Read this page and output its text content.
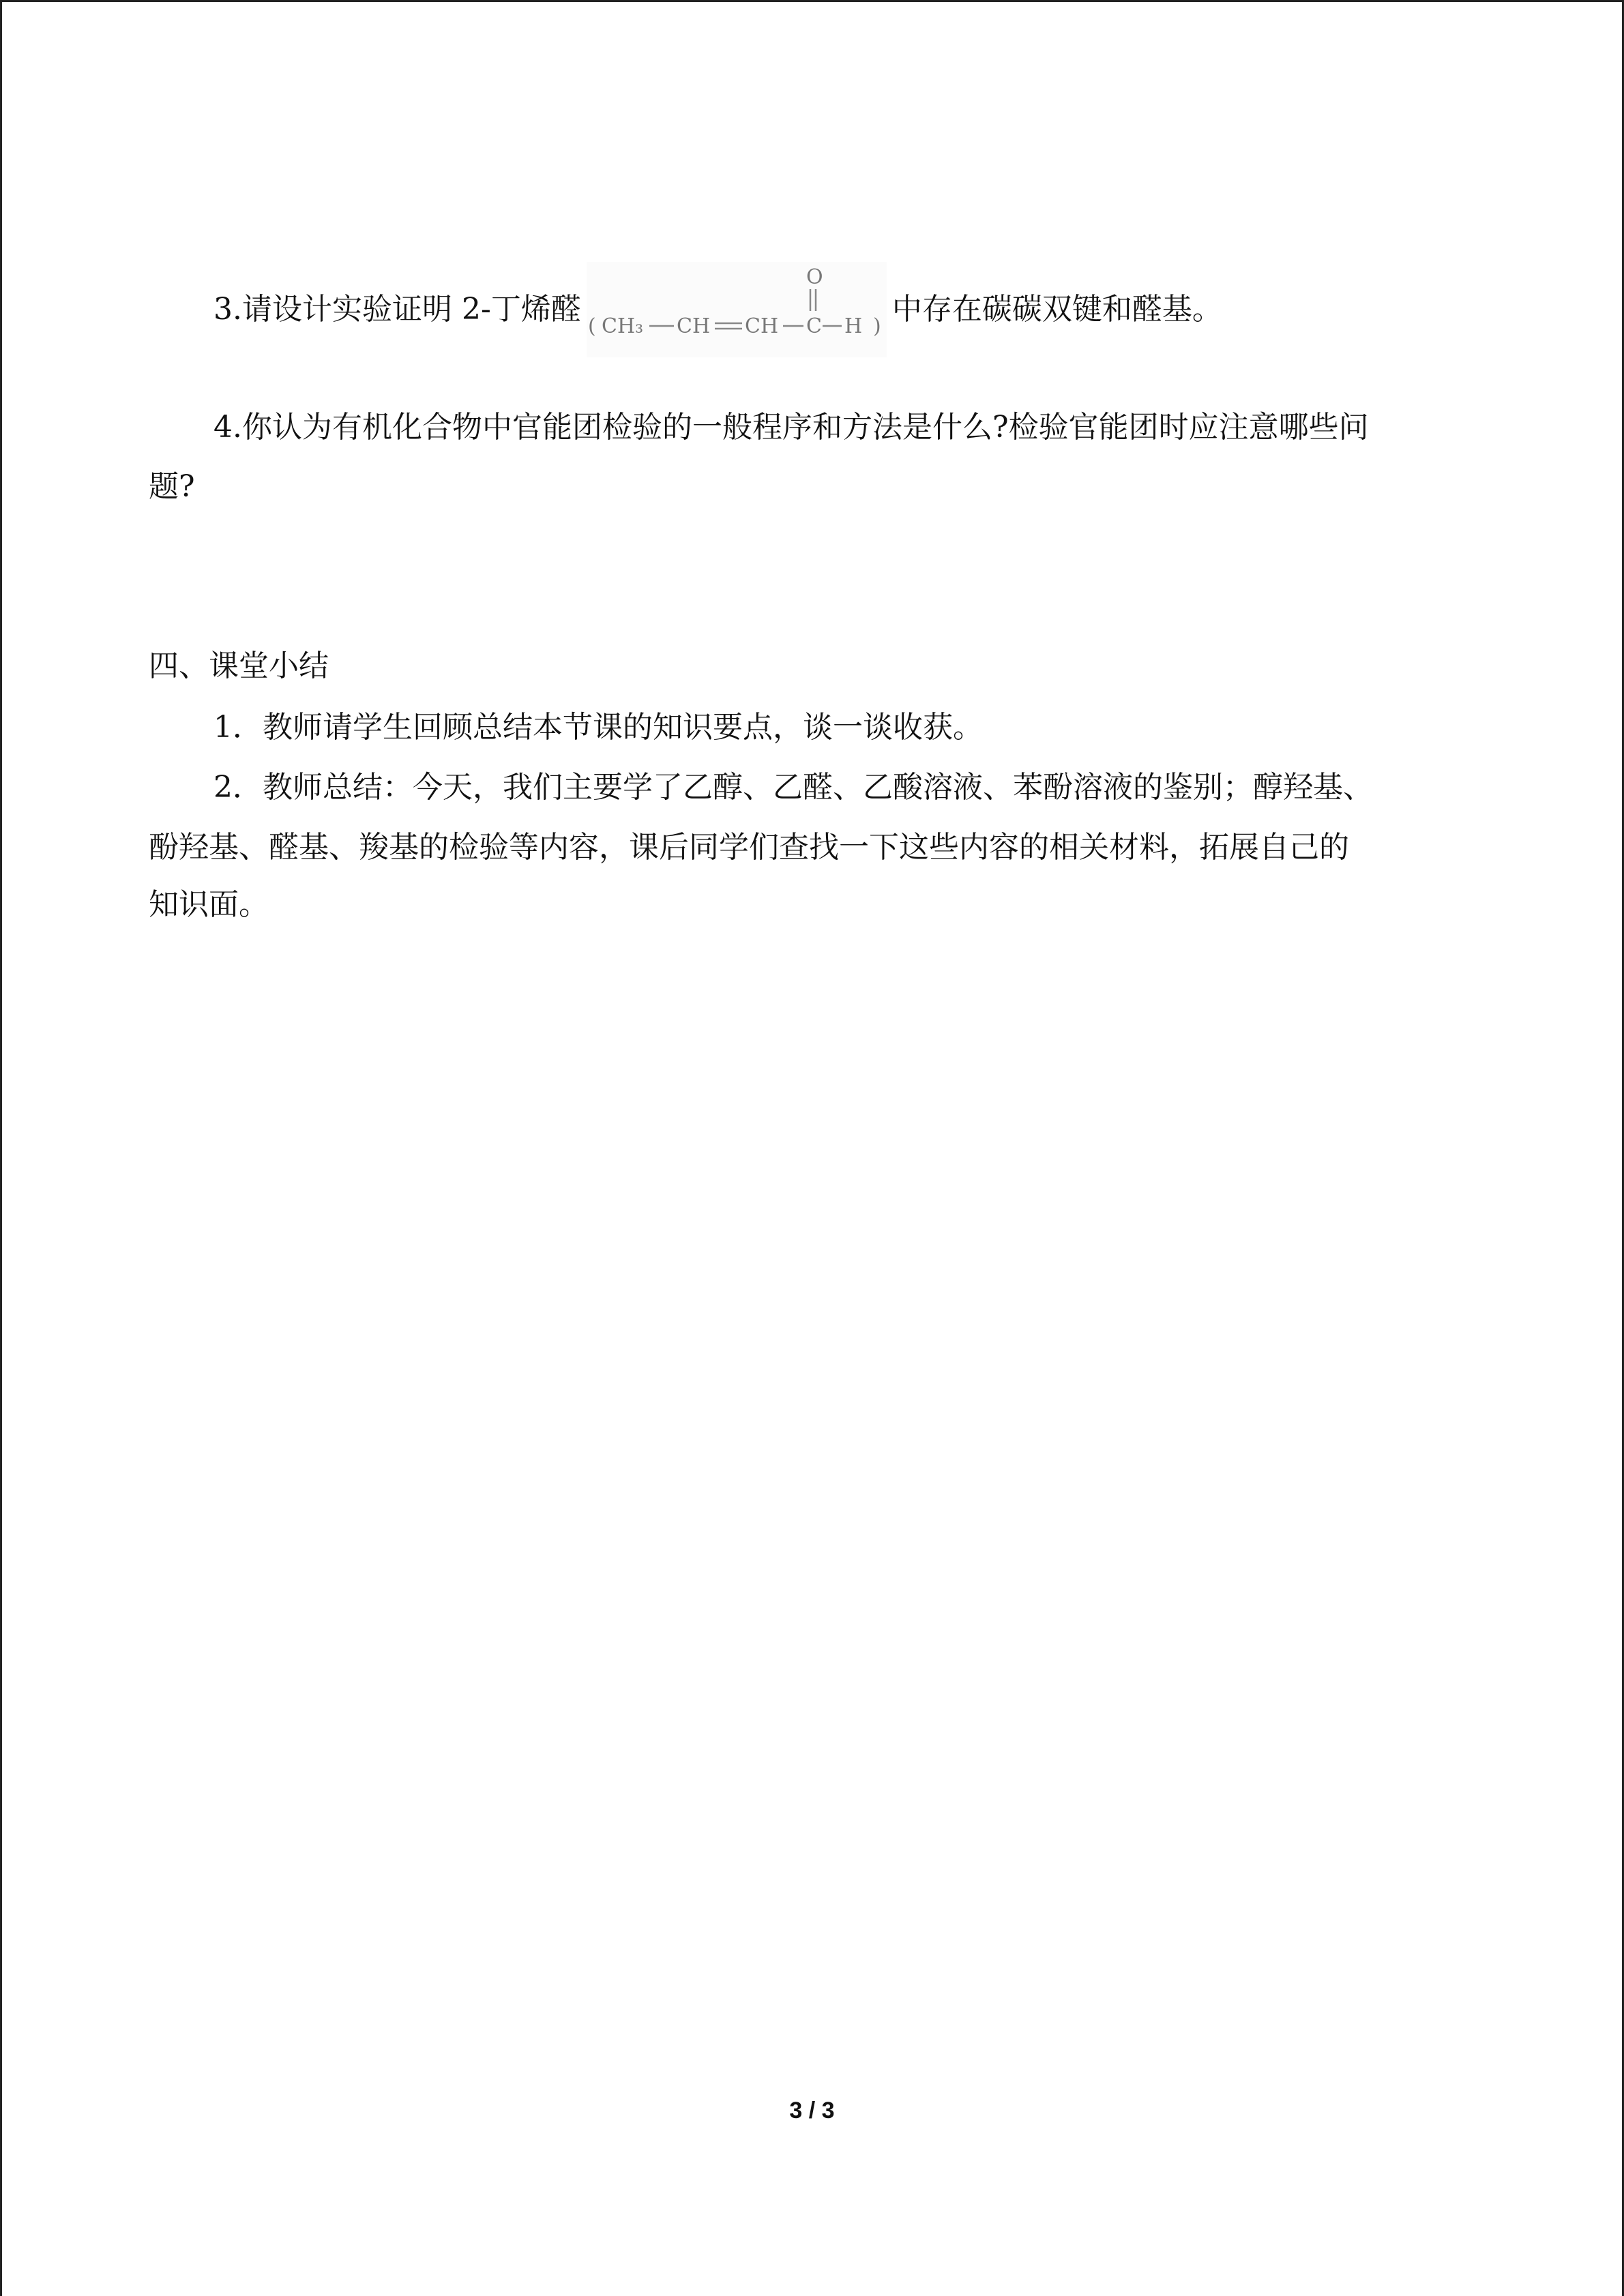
3.请设计实验证明 2-丁烯醛 ( CH₃ CH CH C H
O
) 中存在碳碳双键和醛基。
4.你认为有机化合物中官能团检验的一般程序和方法是什么?检验官能团时应注意哪些问
题?
四、课堂小结
1．教师请学生回顾总结本节课的知识要点，谈一谈收获。
2．教师总结：今天，我们主要学了乙醇、乙醛、乙酸溶液、苯酚溶液的鉴别；醇羟基、
酚羟基、醛基、羧基的检验等内容，课后同学们查找一下这些内容的相关材料，拓展自己的
知识面。
3 / 3
